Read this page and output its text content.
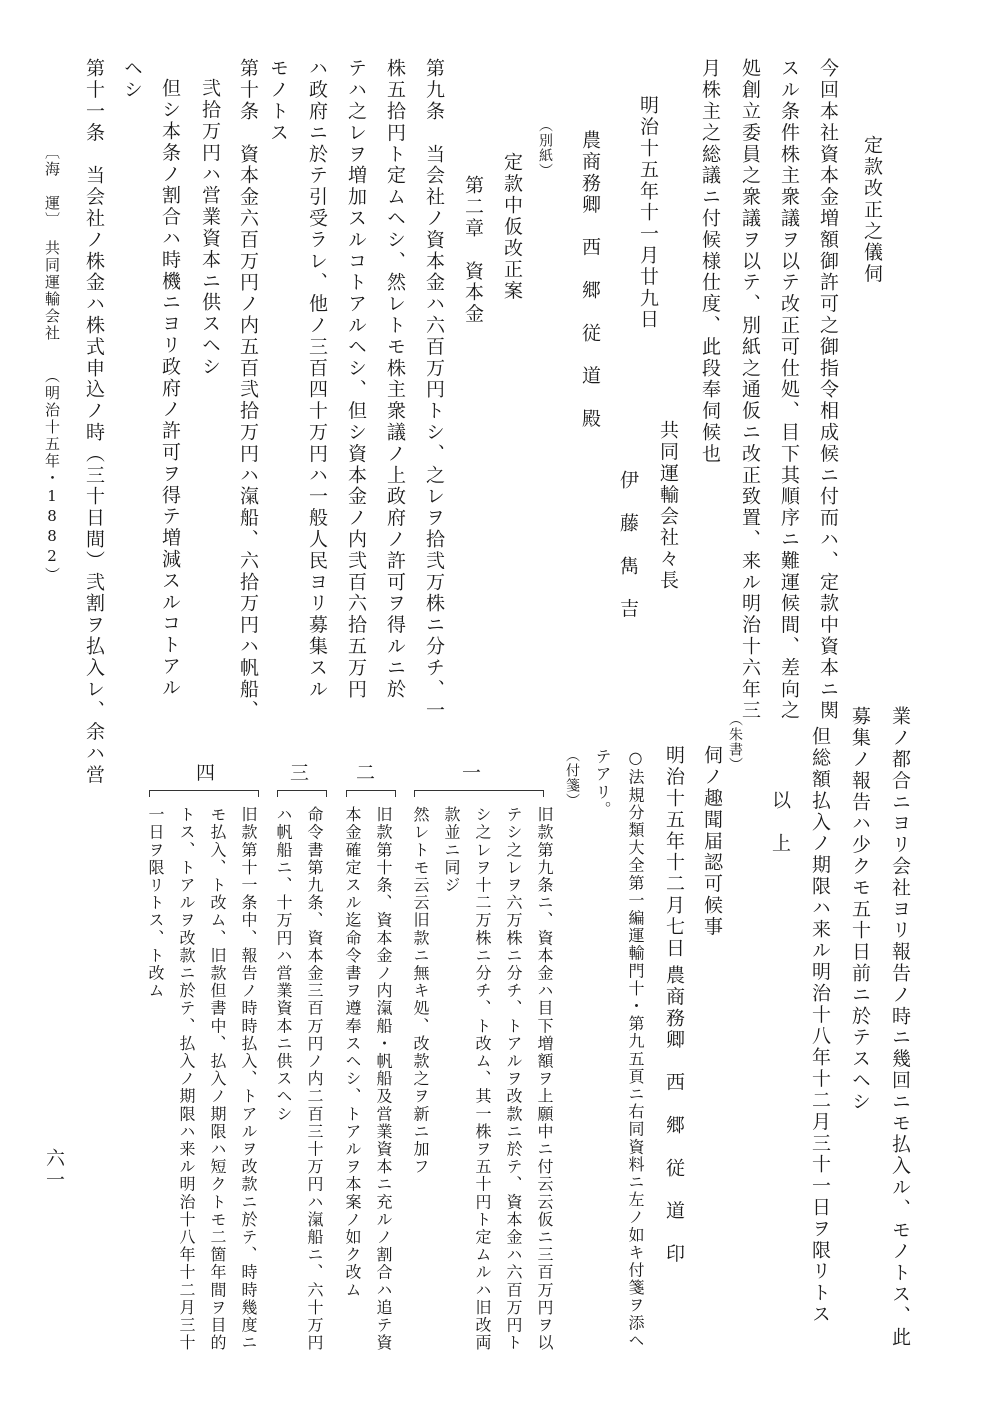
定款改正之儀伺
今回本社資本金増額御許可之御指令相成候ニ付而ハ、定款中資本ニ関
スル条件株主衆議ヲ以テ改正可仕処、目下其順序ニ難運候間、差向之
処創立委員之衆議ヲ以テ、別紙之通仮ニ改正致置、来ル明治十六年三
月株主之総議ニ付候様仕度、此段奉伺候也
明治十五年十一月廿九日
共同運輸会社々長
伊　藤　雋　吉
農商務卿　西　郷　従　道　殿
（別紙）
定款中仮改正案
第二章　資本金
第九条　当会社ノ資本金ハ六百万円トシ、之レヲ拾弐万株ニ分チ、一
株五拾円ト定ムヘシ、然レトモ株主衆議ノ上政府ノ許可ヲ得ルニ於
テハ之レヲ増加スルコトアルヘシ、但シ資本金ノ内弐百六拾五万円
ハ政府ニ於テ引受ラレ、他ノ三百四十万円ハ一般人民ヨリ募集スル
モノトス
第十条　資本金六百万円ノ内五百弐拾万円ハ滊船、六拾万円ハ帆船、
弐拾万円ハ営業資本ニ供スヘシ
但シ本条ノ割合ハ時機ニヨリ政府ノ許可ヲ得テ増減スルコトアル
ヘシ
第十一条　当会社ノ株金ハ株式申込ノ時（三十日間）弐割ヲ払入レ、余ハ営
〔海　運〕
共同運輸会社
（明治十五年・1882）
業ノ都合ニヨリ会社ヨリ報告ノ時ニ幾回ニモ払入ル、モノトス、此
募集ノ報告ハ少クモ五十日前ニ於テスヘシ
但総額払入ノ期限ハ来ル明治十八年十二月三十一日ヲ限リトス
以　上
（朱書）
伺ノ趣聞届認可候事
明治十五年十二月七日
農商務卿　西　郷　従　道　印
○法規分類大全第一編運輸門十・第九五頁ニ右同資料ニ左ノ如キ付箋ヲ添ヘ
テアリ。
（付箋）
旧款第九条ニ、資本金ハ目下増額ヲ上願中ニ付云云仮ニ三百万円ヲ以
テシ之レヲ六万株ニ分チ、トアルヲ改款ニ於テ、資本金ハ六百万円ト
シ之レヲ十二万株ニ分チ、ト改ム、其一株ヲ五十円ト定ムルハ旧改両
款並ニ同ジ
然レトモ云云旧款ニ無キ処、改款之ヲ新ニ加フ
旧款第十条、資本金ノ内滊船・帆船及営業資本ニ充ルノ割合ハ追テ資
本金確定スル迄命令書ヲ遵奉スヘシ、トアルヲ本案ノ如ク改ム
命令書第九条、資本金三百万円ノ内二百三十万円ハ滊船ニ、六十万円
ハ帆船ニ、十万円ハ営業資本ニ供スヘシ
旧款第十一条中、報告ノ時時払入、トアルヲ改款ニ於テ、時時幾度ニ
モ払入、ト改ム、旧款但書中、払入ノ期限ハ短クトモ二箇年間ヲ目的
トス、トアルヲ改款ニ於テ、払入ノ期限ハ来ル明治十八年十二月三十
一日ヲ限リトス、ト改ム
一
二
三
四
六一
